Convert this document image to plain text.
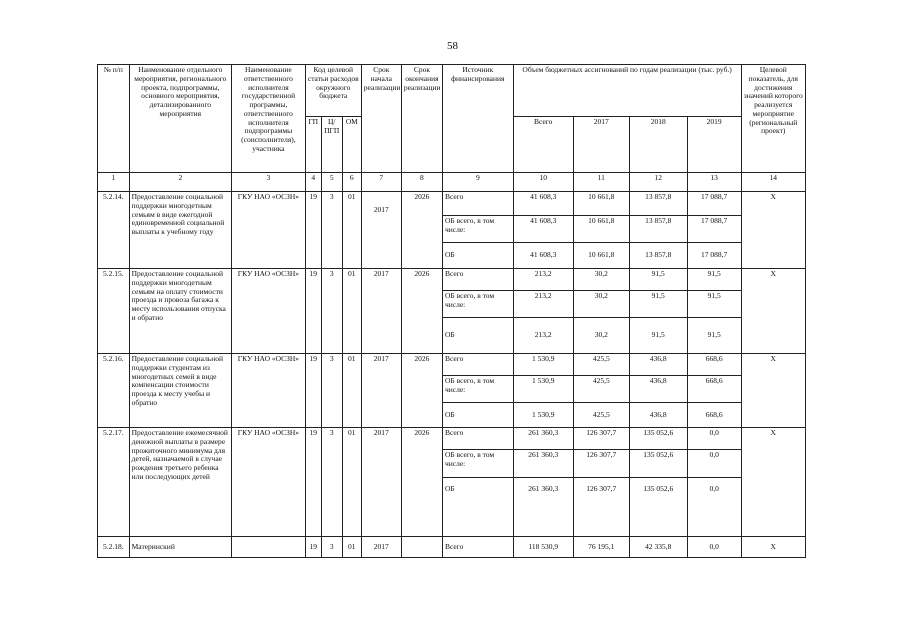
58
№ п/п	Наименование отдельного мероприятия, регионального проекта, подпрограммы, основного мероприятия, детализированного мероприятия	Наименование ответственного исполнителя государственной программы, ответственного исполнителя подпрограммы (соисполнителя), участника	Код целевой статьи расходов окружного бюджета			Срок начала реализации	Срок окончания реализации	Источник финансирования	Объем бюджетных ассигнований по годам реализации (тыс. руб.)				Целевой показатель, для достижения значений которого реализуется мероприятие (региональный проект)
			ГП	Ц/ПГП	ОМ				Всего	2017	2018	2019	
1	2	3	4	5	6	7	8	9	10	11	12	13	14
5.2.14.	Предоставление социальной поддержки многодетным семьям в виде ежегодной единовременной социальной выплаты к учебному году	ГКУ НАО «ОСЗН»	19	3	01	2017	2026	Всего	41 608,3	10 661,8	13 857,8	17 088,7	X
								ОБ всего, в том числе:	41 608,3	10 661,8	13 857,8	17 088,7	
								ОБ	41 608,3	10 661,8	13 857,8	17 088,7	
5.2.15.	Предоставление социальной поддержки многодетным семьям на оплату стоимости проезда и провоза багажа к месту использования отпуска и обратно	ГКУ НАО «ОСЗН»	19	3	01	2017	2026	Всего	213,2	30,2	91,5	91,5	X
								ОБ всего, в том числе:	213,2	30,2	91,5	91,5	
								ОБ	213,2	30,2	91,5	91,5	
5.2.16.	Предоставление социальной поддержки студентам из многодетных семей в виде компенсации стоимости проезда к месту учебы и обратно	ГКУ НАО «ОСЗН»	19	3	01	2017	2026	Всего	1 530,9	425,5	436,8	668,6	X
								ОБ всего, в том числе:	1 530,9	425,5	436,8	668,6	
								ОБ	1 530,9	425,5	436,8	668,6	
5.2.17.	Предоставление ежемесячной денежной выплаты в размере прожиточного минимума для детей, назначаемой в случае рождения третьего ребенка или последующих детей	ГКУ НАО «ОСЗН»	19	3	01	2017	2026	Всего	261 360,3	126 307,7	135 052,6	0,0	X
								ОБ всего, в том числе:	261 360,3	126 307,7	135 052,6	0,0	
								ОБ	261 360,3	126 307,7	135 052,6	0,0	
5.2.18.	Материнский		19	3	01	2017		Всего	118 530,9	76 195,1	42 335,8	0,0	X
